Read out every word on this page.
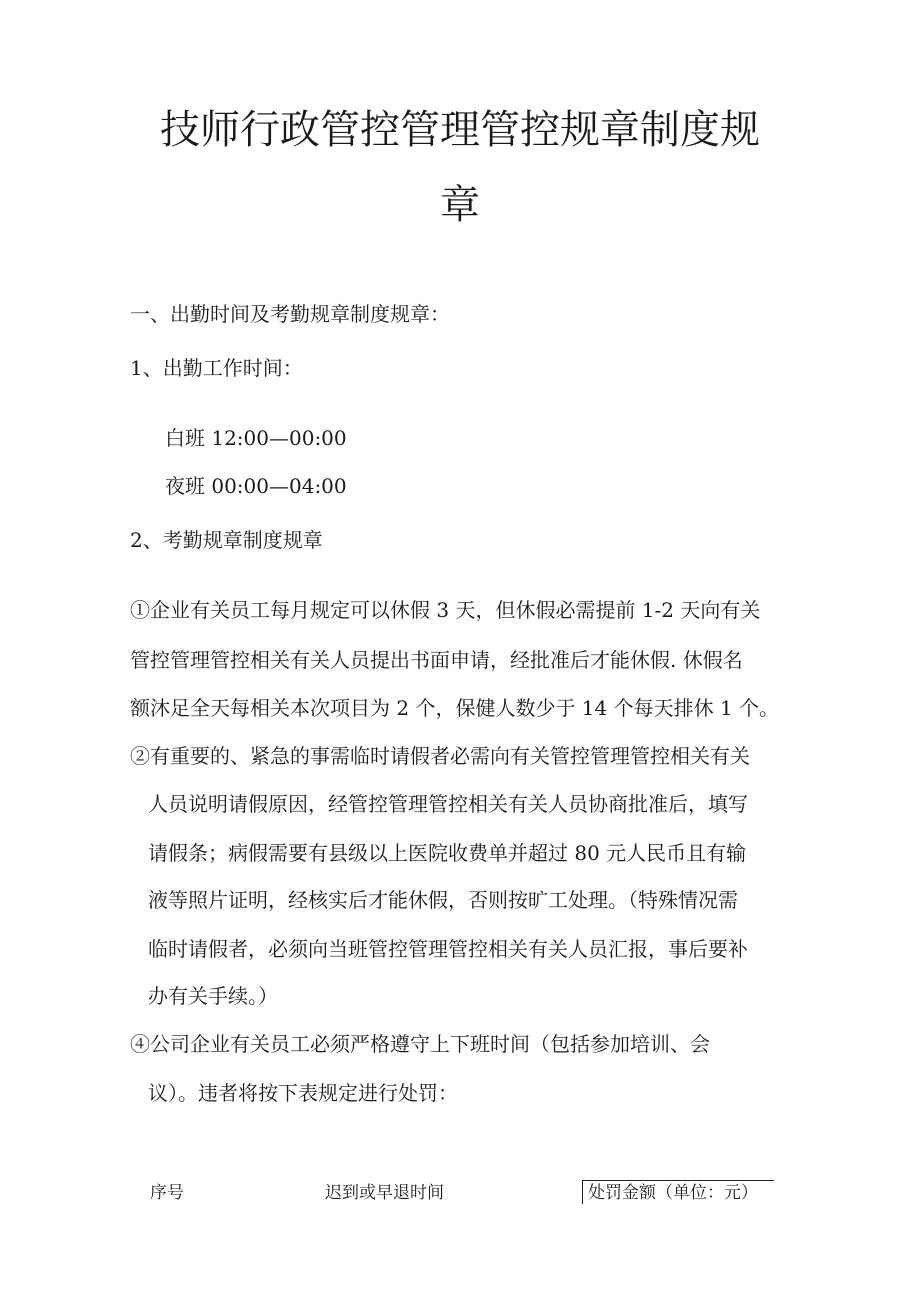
技师行政管控管理管控规章制度规
章
一、出勤时间及考勤规章制度规章：
1、出勤工作时间：
白班 12:00—00:00
夜班 00:00—04:00
2、考勤规章制度规章
①企业有关员工每月规定可以休假 3 天，但休假必需提前 1-2 天向有关
管控管理管控相关有关人员提出书面申请，经批准后才能休假. 休假名
额沐足全天每相关本次项目为 2 个，保健人数少于 14 个每天排休 1 个。
②有重要的、紧急的事需临时请假者必需向有关管控管理管控相关有关
人员说明请假原因，经管控管理管控相关有关人员协商批准后，填写
请假条；病假需要有县级以上医院收费单并超过 80 元人民币且有输
液等照片证明，经核实后才能休假，否则按旷工处理。（特殊情况需
临时请假者，必须向当班管控管理管控相关有关人员汇报，事后要补
办有关手续。）
④公司企业有关员工必须严格遵守上下班时间（包括参加培训、会
议）。违者将按下表规定进行处罚：
序号	迟到或早退时间	处罚金额（单位：元）
